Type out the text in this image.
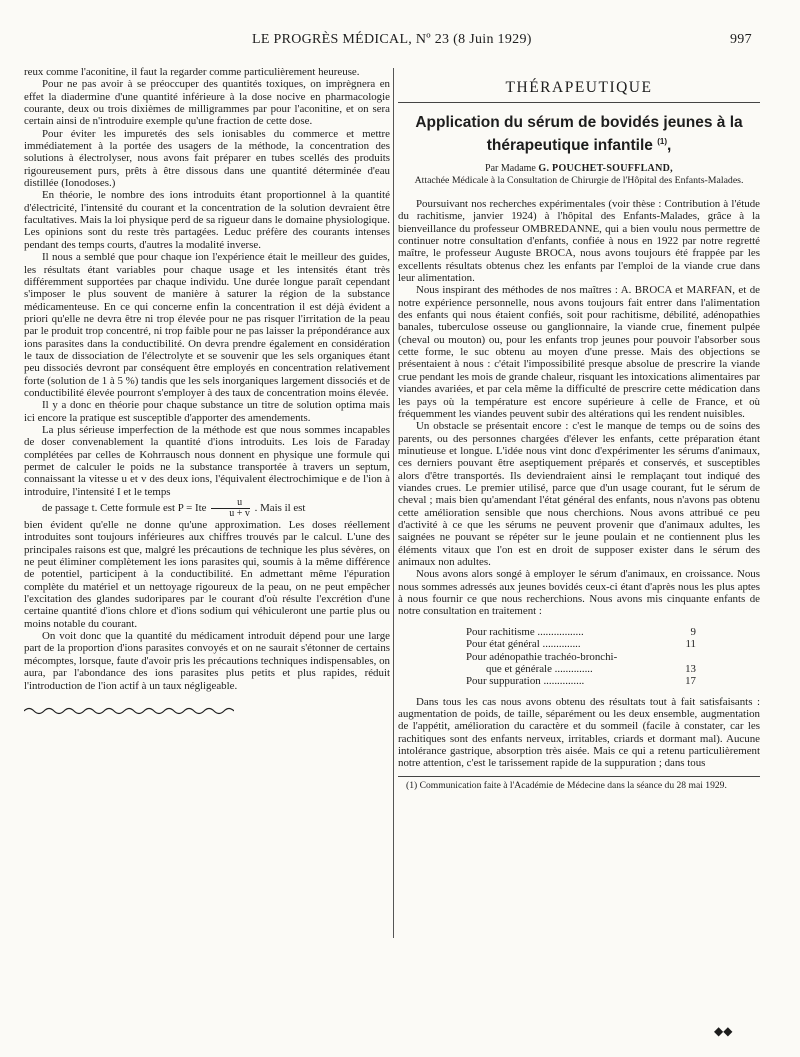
LE PROGRÈS MÉDICAL, Nº 23 (8 Juin 1929)	997

reux comme l'aconitine, il faut la regarder comme particulièrement heureuse.

Pour ne pas avoir à se préoccuper des quantités toxiques, on imprègnera en effet la diadermine d'une quantité inférieure à la dose nocive en pharmacologie courante, deux ou trois dixièmes de milligrammes par pour l'aconitine, et on sera certain ainsi de n'introduire exemple qu'une fraction de cette dose.

Pour éviter les impuretés des sels ionisables du commerce et mettre immédiatement à la portée des usagers de la méthode, la concentration des solutions à électrolyser, nous avons fait préparer en tubes scellés des produits rigoureusement purs, prêts à être dissous dans une quantité déterminée d'eau distillée (Ionodoses.)

En théorie, le nombre des ions introduits étant proportionnel à la quantité d'électricité, l'intensité du courant et la concentration de la solution devraient être facultatives. Mais la loi physique perd de sa rigueur dans le domaine physiologique. Les opinions sont du reste très partagées. Leduc préfère des courants intenses pendant des temps courts, d'autres la modalité inverse.

Il nous a semblé que pour chaque ion l'expérience était le meilleur des guides, les résultats étant variables pour chaque usage et les intensités étant très différemment supportées par chaque individu. Une durée longue paraît cependant s'imposer le plus souvent de manière à saturer la région de la substance médicamenteuse. En ce qui concerne enfin la concentration il est déjà évident a priori qu'elle ne devra être ni trop élevée pour ne pas risquer l'irritation de la peau par le produit trop concentré, ni trop faible pour ne pas laisser la prépondérance aux ions parasites dans la conductibilité. On devra prendre également en considération le taux de dissociation de l'électrolyte et se souvenir que les sels organiques étant peu dissociés devront par conséquent être employés en concentration relativement forte (solution de 1 à 5 %) tandis que les sels inorganiques largement dissociés et de conductibilité élevée pourront s'employer à des taux de concentration moins élevée.

Il y a donc en théorie pour chaque substance un titre de solution optima mais ici encore la pratique est susceptible d'apporter des amendements.

La plus sérieuse imperfection de la méthode est que nous sommes incapables de doser convenablement la quantité d'ions introduits. Les lois de Faraday complétées par celles de Kohrrausch nous donnent en physique une formule qui permet de calculer le poids ne la substance transportée à travers un septum, connaissant la vitesse u et v des deux ions, l'équivalent électrochimique e de l'ion à introduire, l'intensité I et le temps

de passage t. Cette formule est P = Ite $\frac{u}{u + v}$ . Mais il est

bien évident qu'elle ne donne qu'une approximation. Les doses réellement introduites sont toujours inférieures aux chiffres trouvés par le calcul. L'une des principales raisons est que, malgré les précautions de technique les plus sévères, on ne peut éliminer complètement les ions parasites qui, soumis à la même différence de potentiel, participent à la conductibilité. En admettant même l'épuration complète du matériel et un nettoyage rigoureux de la peau, on ne peut empêcher l'excitation des glandes sudoripares par le courant d'où résulte l'excrétion d'une certaine quantité d'ions chlore et d'ions sodium qui véhiculeront une partie plus ou moins notable du courant.

On voit donc que la quantité du médicament introduit dépend pour une large part de la proportion d'ions parasites convoyés et on ne saurait s'étonner de certains mécomptes, lorsque, faute d'avoir pris les précautions techniques indispensables, on aura, par l'abondance des ions parasites plus petits et plus rapides, réduit l'introduction de l'ion actif à un taux négligeable.

THÉRAPEUTIQUE
Application du sérum de bovidés jeunes à la thérapeutique infantile $^{(1)}$,
Par Madame G. POUCHET-SOUFFLAND,
Attachée Médicale à la Consultation de Chirurgie de l'Hôpital des Enfants-Malades.

Poursuivant nos recherches expérimentales (voir thèse : Contribution à l'étude du rachitisme, janvier 1924) à l'hôpital des Enfants-Malades, grâce à la bienveillance du professeur OMBREDANNE, qui a bien voulu nous permettre de continuer notre consultation d'enfants, confiée à nous en 1922 par notre regretté maître, le professeur Auguste BROCA, nous avons toujours été frappée par les excellents résultats obtenus chez les enfants par l'emploi de la viande crue dans leur alimentation.

Nous inspirant des méthodes de nos maîtres : A. BROCA et MARFAN, et de notre expérience personnelle, nous avons toujours fait entrer dans l'alimentation des enfants qui nous étaient confiés, soit pour rachitisme, débilité, adénopathies banales, tuberculose osseuse ou ganglionnaire, la viande crue, finement pulpée (cheval ou mouton) ou, pour les enfants trop jeunes pour pouvoir l'absorber sous cette forme, le suc obtenu au moyen d'une presse. Mais des objections se présentaient à nous : c'était l'impossibilité presque absolue de prescrire la viande crue pendant les mois de grande chaleur, risquant les intoxications alimentaires par viandes avariées, et par cela même la difficulté de prescrire cette médication dans les pays où la température est encore supérieure à celle de France, et où fréquemment les viandes peuvent subir des altérations qui les rendent nuisibles.

Un obstacle se présentait encore : c'est le manque de temps ou de soins des parents, ou des personnes chargées d'élever les enfants, cette préparation étant minutieuse et longue. L'idée nous vint donc d'expérimenter les sérums d'animaux, ces derniers pouvant être aseptiquement préparés et conservés, et susceptibles alors d'être transportés. Ils deviendraient ainsi le remplaçant tout indiqué des viandes crues. Le premier utilisé, parce que d'un usage courant, fut le sérum de cheval ; mais bien qu'amendant l'état général des enfants, nous n'avons pas obtenu cette amélioration sensible que nous cherchions. Nous avons attribué ce peu d'activité à ce que les sérums ne peuvent provenir que d'animaux adultes, les saignées ne pouvant se répéter sur le jeune poulain et ne contiennent plus les éléments vitaux que l'on est en droit de supposer exister dans le sérum des animaux non adultes.

Nous avons alors songé à employer le sérum d'animaux, en croissance. Nous nous sommes adressés aux jeunes bovidés ceux-ci étant d'après nous les plus aptes à nous fournir ce que nous recherchions. Nous avons mis cinquante enfants de notre consultation en traitement :

Pour rachitisme .................	9
Pour état général ..............	11
Pour adénopathie trachéo-bronchi-
que et générale ..............	13
Pour suppuration ...............	17

Dans tous les cas nous avons obtenu des résultats tout à fait satisfaisants : augmentation de poids, de taille, séparément ou les deux ensemble, augmentation de l'appétit, amélioration du caractère et du sommeil (facile à constater, car les rachitiques sont des enfants nerveux, irritables, criards et dormant mal). Aucune intolérance gastrique, absorption très aisée. Mais ce qui a retenu particulièrement notre attention, c'est le tarissement rapide de la suppuration ; dans tous

(1) Communication faite à l'Académie de Médecine dans la séance du 28 mai 1929.
◆◆
